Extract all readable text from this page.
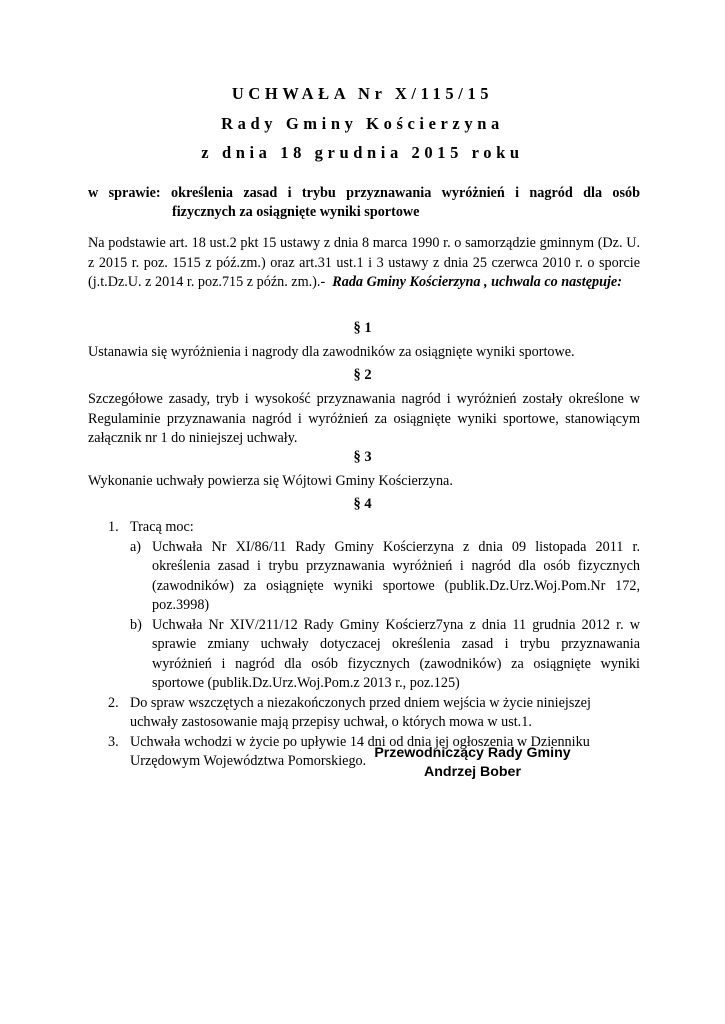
UCHWAŁA Nr X/115/15
Rady Gminy Kościerzyna
z dnia 18 grudnia 2015 roku
w sprawie: określenia zasad i trybu przyznawania wyróżnień i nagród dla osób
fizycznych za osiągnięte wyniki sportowe
Na podstawie art. 18 ust.2 pkt 15 ustawy z dnia 8 marca 1990 r. o samorządzie gminnym (Dz. U. z 2015 r. poz. 1515 z póź.zm.) oraz art.31 ust.1 i 3 ustawy z dnia 25 czerwca 2010 r. o sporcie (j.t.Dz.U. z 2014 r. poz.715 z późn. zm.).- Rada Gminy Kościerzyna , uchwala co następuje:
§ 1
Ustanawia się wyróżnienia i nagrody dla zawodników za osiągnięte wyniki sportowe.
§ 2
Szczegółowe zasady, tryb i wysokość przyznawania nagród i wyróżnień zostały określone w Regulaminie przyznawania nagród i wyróżnień za osiągnięte wyniki sportowe, stanowiącym załącznik nr 1 do niniejszej uchwały.
§ 3
Wykonanie uchwały powierza się Wójtowi Gminy Kościerzyna.
§ 4
1. Tracą moc:
a) Uchwała Nr XI/86/11 Rady Gminy Kościerzyna z dnia 09 listopada 2011 r. określenia zasad i trybu przyznawania wyróżnień i nagród dla osób fizycznych (zawodników) za osiągnięte wyniki sportowe (publik.Dz.Urz.Woj.Pom.Nr 172, poz.3998)
b) Uchwała Nr XIV/211/12 Rady Gminy Kościerz7yna z dnia 11 grudnia 2012 r. w sprawie zmiany uchwały dotyczacej określenia zasad i trybu przyznawania wyróżnień i nagród dla osób fizycznych (zawodników) za osiągnięte wyniki sportowe (publik.Dz.Urz.Woj.Pom.z 2013 r., poz.125)
2. Do spraw wszczętych a niezakończonych przed dniem wejścia w życie niniejszej uchwały zastosowanie mają przepisy uchwał, o których mowa w ust.1.
3. Uchwała wchodzi w życie po upływie 14 dni od dnia jej ogłoszenia w Dzienniku Urzędowym Województwa Pomorskiego. Przewodniczący Rady Gminy
Andrzej Bober
